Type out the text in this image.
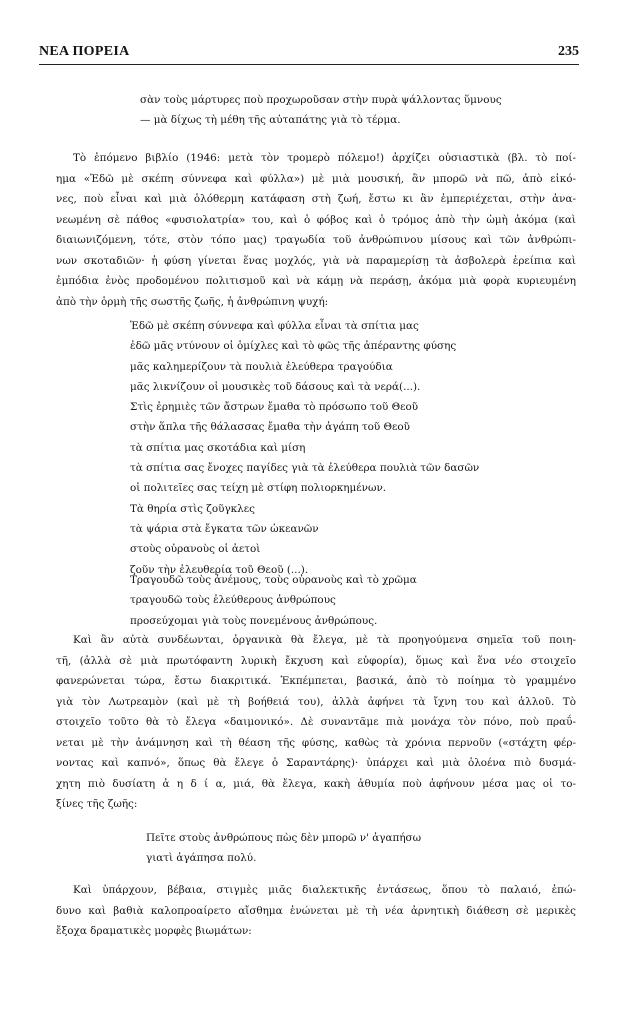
ΝΕΑ ΠΟΡΕΙΑ	235
σὰν τοὺς μάρτυρες ποὺ προχωροῦσαν στὴν πυρὰ ψάλλοντας ὕμνους
— μὰ δίχως τὴ μέθη τῆς αὐταπάτης γιὰ τὸ τέρμα.
Τὸ ἑπόμενο βιβλίο (1946: μετὰ τὸν τρομερὸ πόλεμο!) ἀρχίζει οὐσιαστικὰ (βλ. τὸ ποί-
ημα «Ἐδῶ μὲ σκέπη σύννεφα καὶ φύλλα») μὲ μιὰ μουσική, ἂν μπορῶ νὰ πῶ, ἀπὸ εἰκό-
νες, ποὺ εἶναι καὶ μιὰ ὁλόθερμη κατάφαση στὴ ζωή, ἔστω κι ἂν ἐμπεριέχεται, στὴν ἀνα-
νεωμένη σὲ πάθος «φυσιολατρία» του, καὶ ὁ φόβος καὶ ὁ τρόμος ἀπὸ τὴν ὠμὴ ἀκόμα (καὶ
διαιωνιζόμενη, τότε, στὸν τόπο μας) τραγωδία τοῦ ἀνθρώπινου μίσους καὶ τῶν ἀνθρώπι-
νων σκοταδιῶν· ἡ φύση γίνεται ἕνας μοχλός, γιὰ νὰ παραμερίσῃ τὰ ἀσβολερὰ ἐρείπια καὶ
ἐμπόδια ἑνὸς προδομένου πολιτισμοῦ καὶ νὰ κάμῃ νὰ περάσῃ, ἀκόμα μιὰ φορὰ κυριευμένη
ἀπὸ τὴν ὁρμὴ τῆς σωστῆς ζωῆς, ἡ ἀνθρώπινη ψυχή:
Ἐδῶ μὲ σκέπη σύννεφα καὶ φύλλα εἶναι τὰ σπίτια μας
ἐδῶ μᾶς ντύνουν οἱ ὁμίχλες καὶ τὸ φῶς τῆς ἀπέραντης φύσης
μᾶς καλημερίζουν τὰ πουλιὰ ἐλεύθερα τραγούδια
μᾶς λικνίζουν οἱ μουσικὲς τοῦ δάσους καὶ τὰ νερά(...).
Στὶς ἐρημιὲς τῶν ἄστρων ἔμαθα τὸ πρόσωπο τοῦ Θεοῦ
στὴν ἅπλα τῆς θάλασσας ἔμαθα τὴν ἀγάπη τοῦ Θεοῦ
τὰ σπίτια μας σκοτάδια καὶ μίση
τὰ σπίτια σας ἔνοχες παγίδες γιὰ τὰ ἐλεύθερα πουλιὰ τῶν δασῶν
οἱ πολιτεῖες σας τείχη μὲ στίφη πολιορκημένων.
Τὰ θηρία στὶς ζοῦγκλες
τὰ ψάρια στὰ ἔγκατα τῶν ὠκεανῶν
στοὺς οὐρανοὺς οἱ ἀετοὶ
ζοῦν τὴν ἐλευθερία τοῦ Θεοῦ (...).
Τραγουδῶ τοὺς ἀνέμους, τοὺς οὐρανοὺς καὶ τὸ χρῶμα
τραγουδῶ τοὺς ἐλεύθερους ἀνθρώπους
προσεύχομαι γιὰ τοὺς πονεμένους ἀνθρώπους.
Καὶ ἂν αὐτὰ συνδέωνται, ὀργανικὰ θὰ ἔλεγα, μὲ τὰ προηγούμενα σημεῖα τοῦ ποιη-
τῆ, (ἀλλὰ σὲ μιὰ πρωτόφαντη λυρικὴ ἔκχυση καὶ εὐφορία), ὅμως καὶ ἕνα νέο στοιχεῖο
φανερώνεται τώρα, ἔστω διακριτικά. Ἐκπέμπεται, βασικά, ἀπὸ τὸ ποίημα τὸ γραμμένο
γιὰ τὸν Λωτρεαμὸν (καὶ μὲ τὴ βοήθειά του), ἀλλὰ ἀφήνει τὰ ἴχνη του καὶ ἀλλοῦ. Τὸ
στοιχεῖο τοῦτο θὰ τὸ ἔλεγα «δαιμονικό». Δὲ συναντᾶμε πιὰ μονάχα τὸν πόνο, ποὺ πραΰ-
νεται μὲ τὴν ἀνάμνηση καὶ τὴ θέαση τῆς φύσης, καθὼς τὰ χρόνια περνοῦν («στάχτη φέρ-
νοντας καὶ καπνό», ὅπως θὰ ἔλεγε ὁ Σαραντάρης)· ὑπάρχει καὶ μιὰ ὁλοένα πιὸ δυσμά-
χητη πιὸ δυσίατη ἀ η δ ί α, μιά, θὰ ἔλεγα, κακὴ ἀθυμία ποὺ ἀφήνουν μέσα μας οἱ το-
ξίνες τῆς ζωῆς:
Πεῖτε στοὺς ἀνθρώπους πὼς δὲν μπορῶ ν' ἀγαπήσω
γιατὶ ἀγάπησα πολύ.
Καὶ ὑπάρχουν, βέβαια, στιγμὲς μιᾶς διαλεκτικῆς ἐντάσεως, ὅπου τὸ παλαιό, ἐπώ-
δυνο καὶ βαθιὰ καλοπροαίρετο αἴσθημα ἑνώνεται μὲ τὴ νέα ἀρνητικὴ διάθεση σὲ μερικὲς
ἔξοχα δραματικὲς μορφὲς βιωμάτων:
